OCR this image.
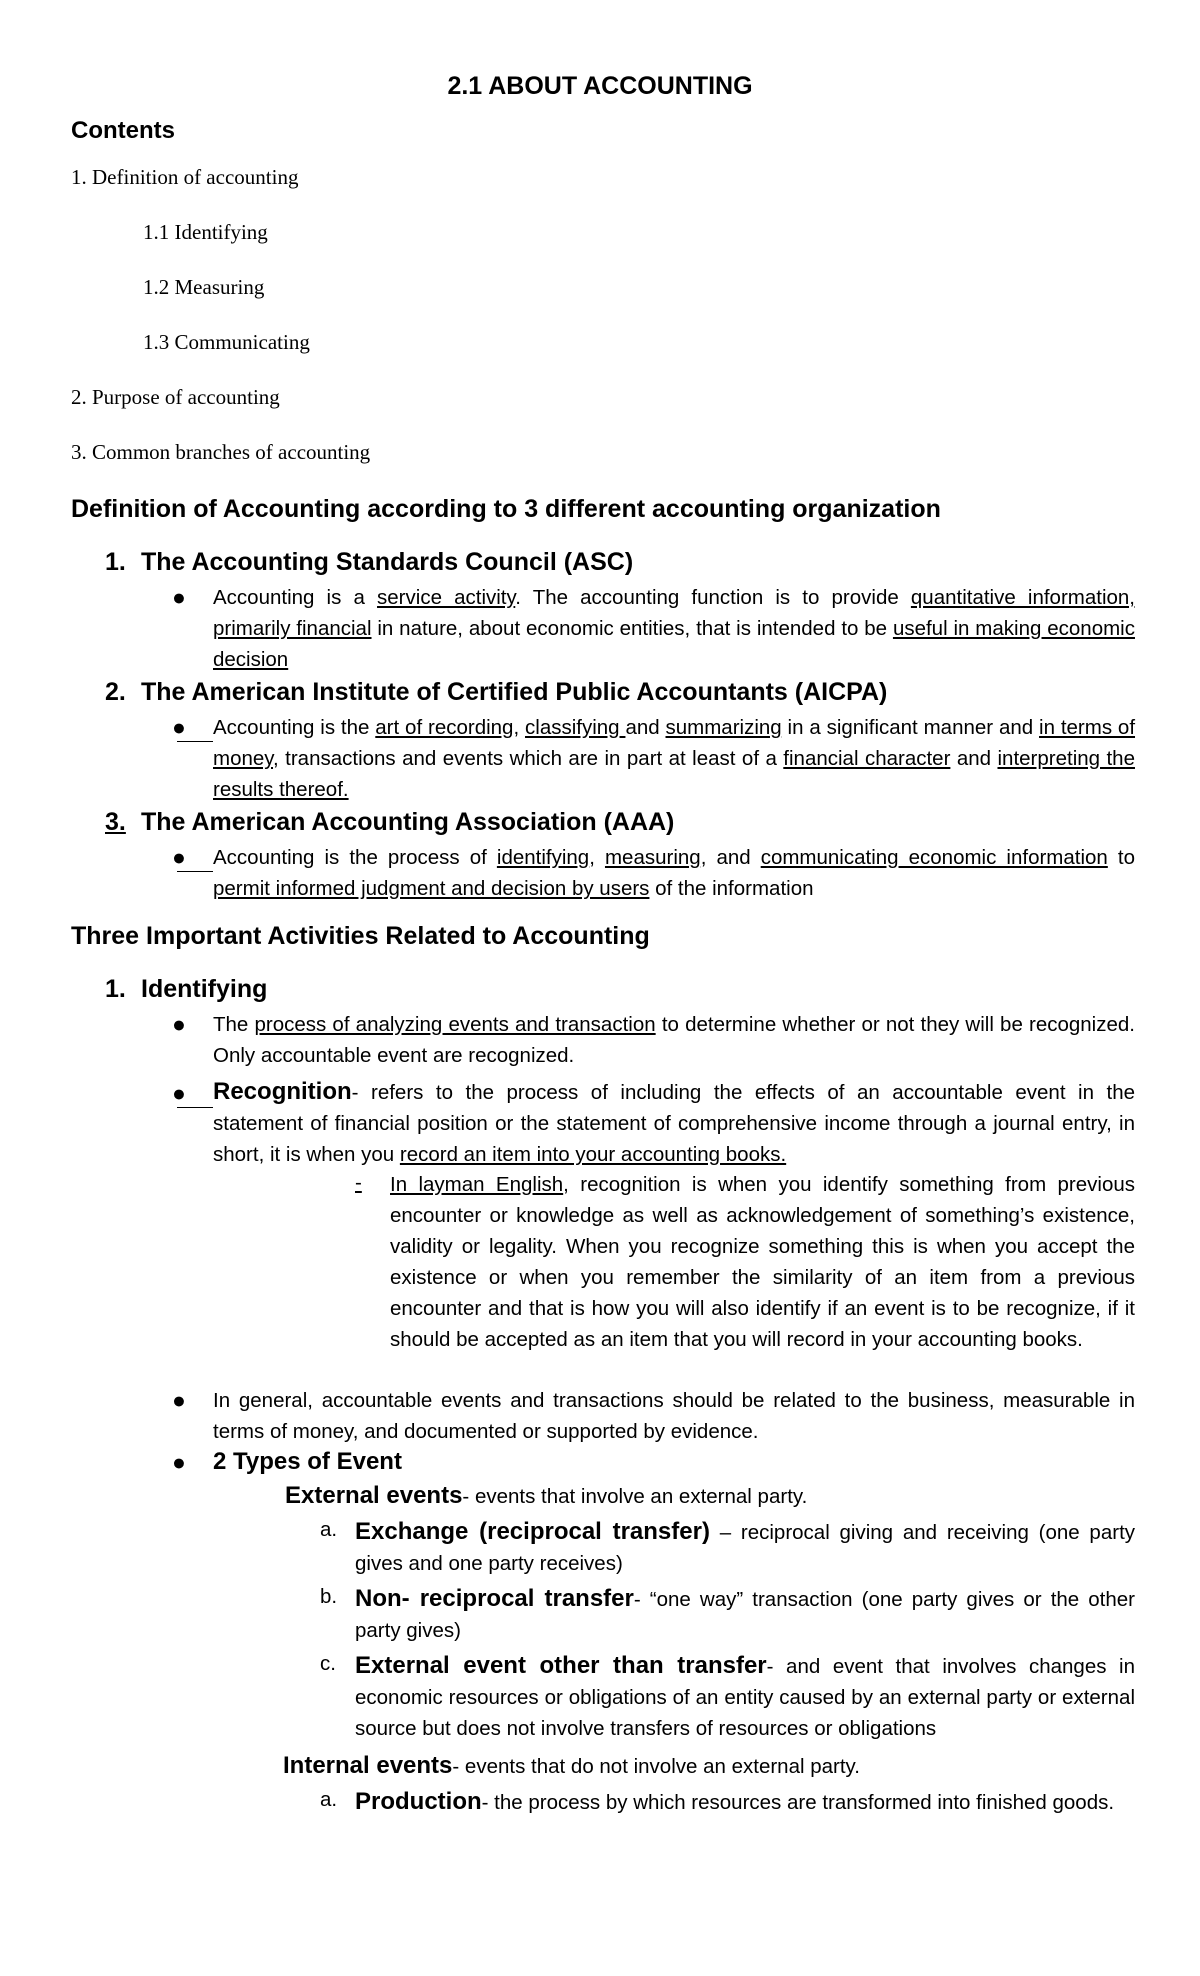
2.1 ABOUT ACCOUNTING
Contents
1. Definition of accounting
1.1 Identifying
1.2 Measuring
1.3 Communicating
2. Purpose of accounting
3. Common branches of accounting
Definition of Accounting according to 3 different accounting organization
1. The Accounting Standards Council (ASC)
● Accounting is a service activity. The accounting function is to provide quantitative information, primarily financial in nature, about economic entities, that is intended to be useful in making economic decision
2. The American Institute of Certified Public Accountants (AICPA)
● Accounting is the art of recording, classifying and summarizing in a significant manner and in terms of money, transactions and events which are in part at least of a financial character and interpreting the results thereof.
3. The American Accounting Association (AAA)
● Accounting is the process of identifying, measuring, and communicating economic information to permit informed judgment and decision by users of the information
Three Important Activities Related to Accounting
1. Identifying
● The process of analyzing events and transaction to determine whether or not they will be recognized. Only accountable event are recognized.
● Recognition- refers to the process of including the effects of an accountable event in the statement of financial position or the statement of comprehensive income through a journal entry, in short, it is when you record an item into your accounting books.
- In layman English, recognition is when you identify something from previous encounter or knowledge as well as acknowledgement of something’s existence, validity or legality. When you recognize something this is when you accept the existence or when you remember the similarity of an item from a previous encounter and that is how you will also identify if an event is to be recognize, if it should be accepted as an item that you will record in your accounting books.
● In general, accountable events and transactions should be related to the business, measurable in terms of money, and documented or supported by evidence.
● 2 Types of Event
External events- events that involve an external party.
a. Exchange (reciprocal transfer) – reciprocal giving and receiving (one party gives and one party receives)
b. Non- reciprocal transfer- “one way” transaction (one party gives or the other party gives)
c. External event other than transfer- and event that involves changes in economic resources or obligations of an entity caused by an external party or external source but does not involve transfers of resources or obligations
Internal events- events that do not involve an external party.
a. Production- the process by which resources are transformed into finished goods.
